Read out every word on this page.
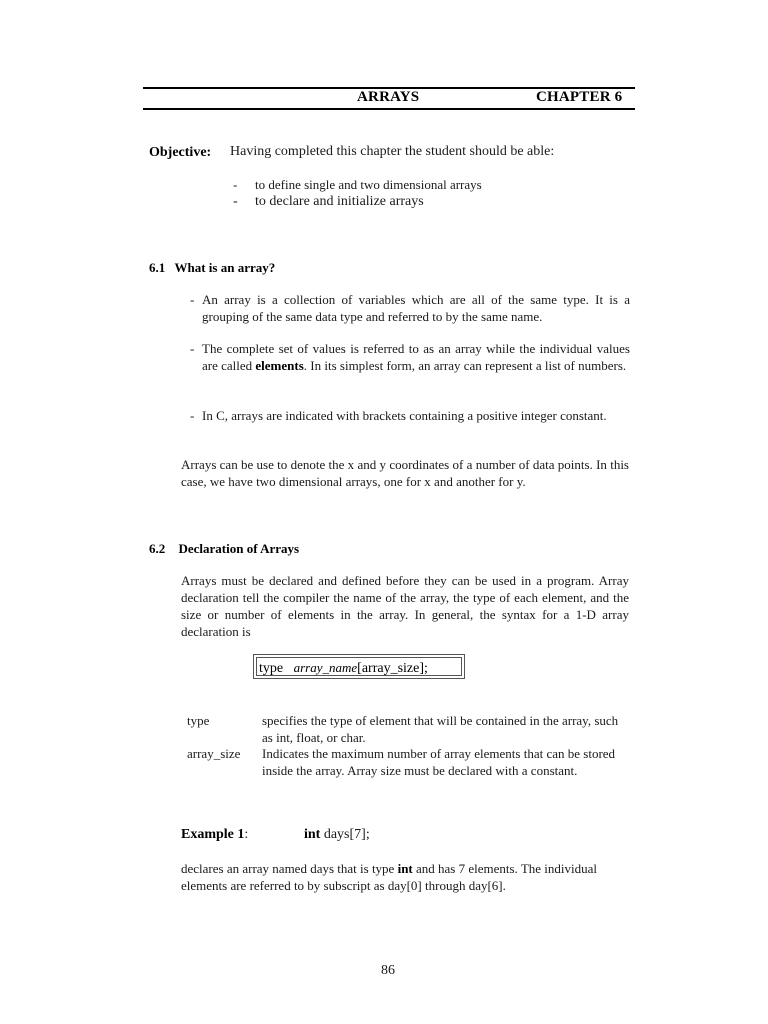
ARRAYS	CHAPTER 6
Objective: Having completed this chapter the student should be able:
- to define single and two dimensional arrays
- to declare and initialize arrays
6.1 What is an array?
- An array is a collection of variables which are all of the same type. It is a grouping of the same data type and referred to by the same name.
- The complete set of values is referred to as an array while the individual values are called elements. In its simplest form, an array can represent a list of numbers.
- In C, arrays are indicated with brackets containing a positive integer constant.
Arrays can be use to denote the x and y coordinates of a number of data points. In this case, we have two dimensional arrays, one for x and another for y.
6.2 Declaration of Arrays
Arrays must be declared and defined before they can be used in a program. Array declaration tell the compiler the name of the array, the type of each element, and the size or number of elements in the array. In general, the syntax for a 1-D array declaration is
type array_name[array_size];
type	specifies the type of element that will be contained in the array, such as int, float, or char.
array_size Indicates the maximum number of array elements that can be stored inside the array. Array size must be declared with a constant.
Example 1:	int days[7];
declares an array named days that is type int and has 7 elements. The individual elements are referred to by subscript as day[0] through day[6].
86
